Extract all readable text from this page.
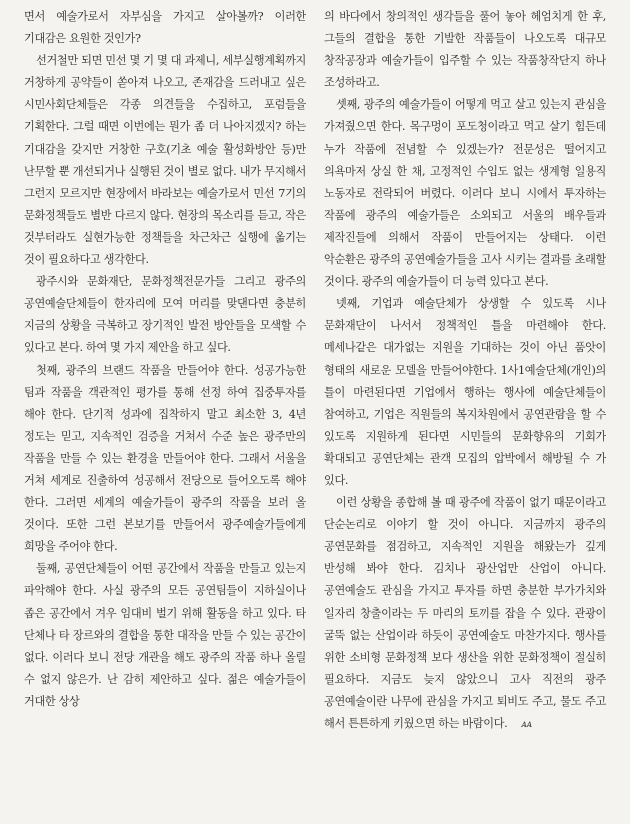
면서 예술가로서 자부심을 가지고 살아볼까? 이러한 기대감은 요원한 것인가?

선거철만 되면 민선 몇 기 몇 대 과제니, 세부실행계획까지 거창하게 공약들이 쏟아져 나오고, 존재감을 드러내고 싶은 시민사회단체들은 각종 의견들을 수집하고, 포럼들을 기획한다. 그럴 때면 이번에는 뭔가 좀 더 나아지겠지? 하는 기대감을 갖지만 거창한 구호(기초 예술 활성화방안 등)만 난무할 뿐 개선되거나 실행된 것이 별로 없다. 내가 무지해서 그런지 모르지만 현장에서 바라보는 예술가로서 민선 7기의 문화정책들도 별반 다르지 않다. 현장의 목소리를 듣고, 작은 것부터라도 실현가능한 정책들을 차근차근 실행에 옮기는 것이 필요하다고 생각한다.

광주시와 문화재단, 문화정책전문가들 그리고 광주의 공연예술단체들이 한자리에 모여 머리를 맞댄다면 충분히 지금의 상황을 극복하고 장기적인 발전 방안들을 모색할 수 있다고 본다. 하여 몇 가지 제안을 하고 싶다.

첫째, 광주의 브랜드 작품을 만들어야 한다. 성공가능한 팀과 작품을 객관적인 평가를 통해 선정 하여 집중투자를 해야 한다. 단기적 성과에 집착하지 말고 최소한 3, 4년 정도는 믿고, 지속적인 검증을 거쳐서 수준 높은 광주만의 작품을 만들 수 있는 환경을 만들어야 한다. 그래서 서울을 거쳐 세계로 진출하여 성공해서 전당으로 들어오도록 해야 한다. 그러면 세계의 예술가들이 광주의 작품을 보러 올 것이다. 또한 그런 본보기를 만들어서 광주예술가들에게 희망을 주어야 한다.

둘째, 공연단체들이 어떤 공간에서 작품을 만들고 있는지 파악해야 한다. 사실 광주의 모든 공연팀들이 지하실이나 좁은 공간에서 겨우 임대비 벌기 위해 활동을 하고 있다. 타 단체나 타 장르와의 결합을 통한 대작을 만들 수 있는 공간이 없다. 이러다 보니 전당 개관을 해도 광주의 작품 하나 올릴 수 없지 않은가. 난 감히 제안하고 싶다. 젊은 예술가들이 거대한 상상

의 바다에서 창의적인 생각들을 풀어 놓아 헤엄치게 한 후, 그들의 결합을 통한 기발한 작품들이 나오도록 대규모 창작공장과 예술가들이 입주할 수 있는 작품창작단지 하나 조성하라고.

셋째, 광주의 예술가들이 어떻게 먹고 살고 있는지 관심을 가져줬으면 한다. 목구멍이 포도청이라고 먹고 살기 힘든데 누가 작품에 전념할 수 있겠는가? 전문성은 떨어지고 의욕마저 상실 한 채, 고정적인 수입도 없는 생계형 일용직 노동자로 전락되어 버렸다. 이러다 보니 시에서 투자하는 작품에 광주의 예술가들은 소외되고 서울의 배우들과 제작진들에 의해서 작품이 만들어지는 상태다. 이런 악순환은 광주의 공연예술가들을 고사 시키는 결과를 초래할 것이다. 광주의 예술가들이 더 능력 있다고 본다.

넷째, 기업과 예술단체가 상생할 수 있도록 시나 문화재단이 나서서 정책적인 틀을 마련해야 한다. 메세나같은 대가없는 지원을 기대하는 것이 아닌 품앗이 형태의 새로운 모델을 만들어야한다. 1사1예술단체(개인)의 틀이 마련된다면 기업에서 행하는 행사에 예술단체들이 참여하고, 기업은 직원들의 복지차원에서 공연관람을 할 수 있도록 지원하게 된다면 시민들의 문화향유의 기회가 확대되고 공연단체는 관객 모집의 압박에서 해방될 수 가 있다.

이런 상황을 종합해 볼 때 광주에 작품이 없기 때문이라고 단순논리로 이야기 할 것이 아니다. 지금까지 광주의 공연문화를 점검하고, 지속적인 지원을 해왔는가 깊게 반성해 봐야 한다. 김치나 광산업만 산업이 아니다. 공연예술도 관심을 가지고 투자를 하면 충분한 부가가치와 일자리 창출이라는 두 마리의 토끼를 잡을 수 있다. 관광이 굴뚝 없는 산업이라 하듯이 공연예술도 마찬가지다. 행사를 위한 소비형 문화정책 보다 생산을 위한 문화정책이 절실히 필요하다. 지금도 늦지 않았으니 고사 직전의 광주 공연예술이란 나무에 관심을 가지고 퇴비도 주고, 물도 주고 해서 튼튼하게 키웠으면 하는 바람이다. ᴀᴀ
